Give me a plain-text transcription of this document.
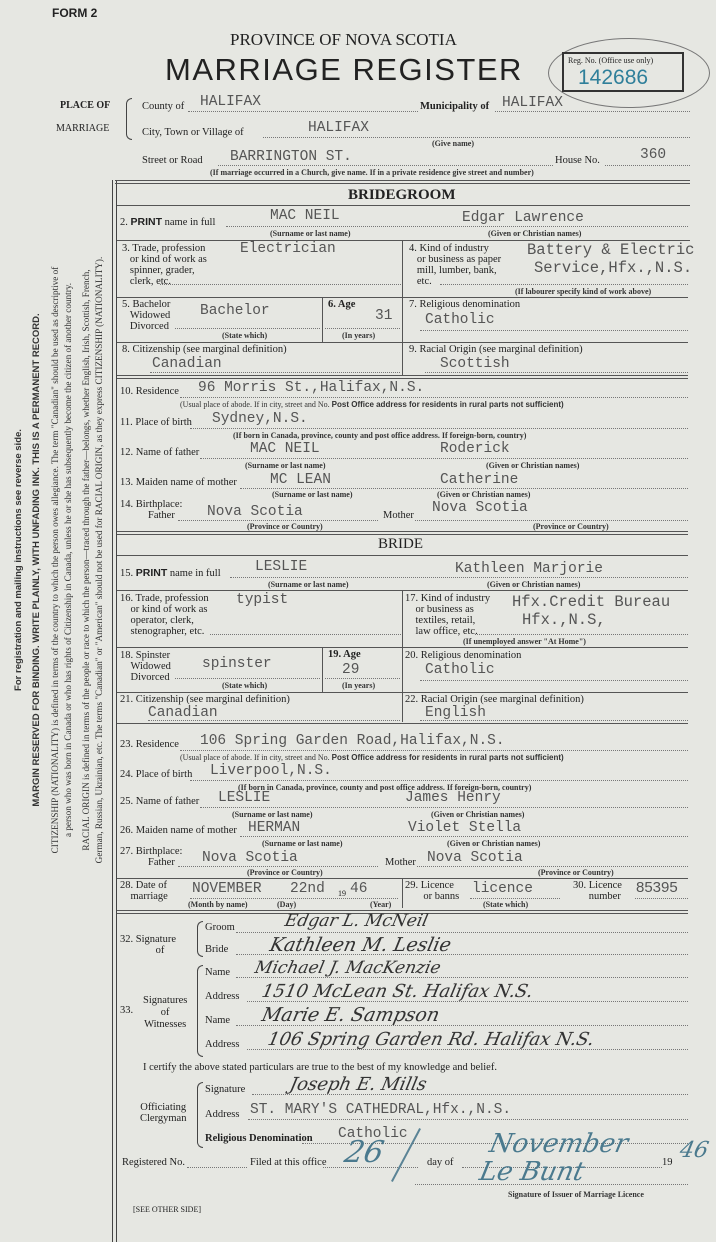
For registration and mailing instructions see reverse side. MARGIN RESERVED FOR BINDING. WRITE PLAINLY, WITH UNFADING INK. THIS IS A PERMANENT RECORD. CITIZENSHIP (NATIONALITY) is defined in terms of the country to which the person owes allegiance. The term "Canadian" should be used as descriptive of a person who was born in Canada or who has rights of Citizenship in Canada, unless he or she has subsequently become the citizen of another country. RACIAL ORIGIN is defined in terms of the people or race to which the person—traced through the father—belongs, whether English, Irish, Scottish, French, German, Russian, Ukrainian, etc. The terms "Canadian" or "American" should not be used for RACIAL ORIGIN, as they express CITIZENSHIP (NATIONALITY).
FORM 2
PROVINCE OF NOVA SCOTIA
MARRIAGE REGISTER	Reg. No. (Office use only)
142686
PLACE OF
MARRIAGE
County of HALIFAX	Municipality of HALIFAX
City, Town or Village of	HALIFAX
(Give name)
Street or Road BARRINGTON ST.	House No.	360
(If marriage occurred in a Church, give name. If in a private residence give street and number)
BRIDEGROOM
2. PRINT name in full	MAC NEIL	Edgar Lawrence
(Surname or last name)	(Given or Christian names)
3. Trade, profession
or kind of work as
spinner, grader,
clerk, etc.
Electrician	4. Kind of industry
or business as paper
mill, lumber, bank,
etc.
Battery & Electric
Service,Hfx.,N.S.
(If labourer specify kind of work above)
5. Bachelor
Widowed
Divorced
Bachelor
(State which)
6. Age
31
(In years)
7. Religious denomination
Catholic
8. Citizenship (see marginal definition)
Canadian
9. Racial Origin (see marginal definition)
Scottish
10. Residence 96 Morris St.,Halifax,N.S.
(Usual place of abode. If in city, street and No. Post Office address for residents in rural parts not sufficient)
11. Place of birth Sydney,N.S.
(If born in Canada, province, county and post office address. If foreign-born, country)
12. Name of father	MAC NEIL	Roderick
(Surname or last name)	(Given or Christian names)
13. Maiden name of mother MC LEAN	Catherine
(Surname or last name)	(Given or Christian names)
14. Birthplace:
Father Nova Scotia	Mother Nova Scotia
(Province or Country)	(Province or Country)
BRIDE
15. PRINT name in full LESLIE	Kathleen Marjorie
(Surname or last name)	(Given or Christian names)
16. Trade, profession
or kind of work as
operator, clerk,
stenographer, etc.
typist	17. Kind of industry
or business as
textiles, retail,
law office, etc.
Hfx.Credit Bureau
Hfx.,N.S,
(If unemployed answer "At Home")
18. Spinster
Widowed
Divorced
spinster
(State which)
19. Age
29
(In years)
20. Religious denomination
Catholic
21. Citizenship (see marginal definition)
Canadian
22. Racial Origin (see marginal definition)
English
23. Residence 106 Spring Garden Road,Halifax,N.S.
(Usual place of abode. If in city, street and No. Post Office address for residents in rural parts not sufficient)
24. Place of birth Liverpool,N.S.
(If born in Canada, province, county and post office address. If foreign-born, country)
25. Name of father LESLIE	James Henry
(Surname or last name)	(Given or Christian names)
26. Maiden name of mother HERMAN	Violet Stella
(Surname or last name)	(Given or Christian names)
27. Birthplace:
Father Nova Scotia	Mother Nova Scotia
(Province or Country)	(Province or Country)
28. Date of
marriage NOVEMBER 22nd 19 46
(Month by name)	(Day)	(Year)
29. Licence
or banns licence
(State which)
30. Licence
number
85395
32. Signature
of
Groom	Edgar L. McNeil
Bride Kathleen M. Leslie
33.
Signatures
of
Witnesses
Name Michael J. MacKenzie
Address 1510 McLean St. Halifax N.S.
Name Marie E. Sampson
Address 106 Spring Garden Rd. Halifax N.S.
I certify the above stated particulars are true to the best of my knowledge and belief.
Officiating
Clergyman
Signature Joseph E. Mills
Address ST. MARY'S CATHEDRAL,Hfx.,N.S.
Religious Denomination Catholic
Registered No.	Filed at this office 26	day of
November
19 46
Le Bunt
Signature of Issuer of Marriage Licence
[SEE OTHER SIDE]
